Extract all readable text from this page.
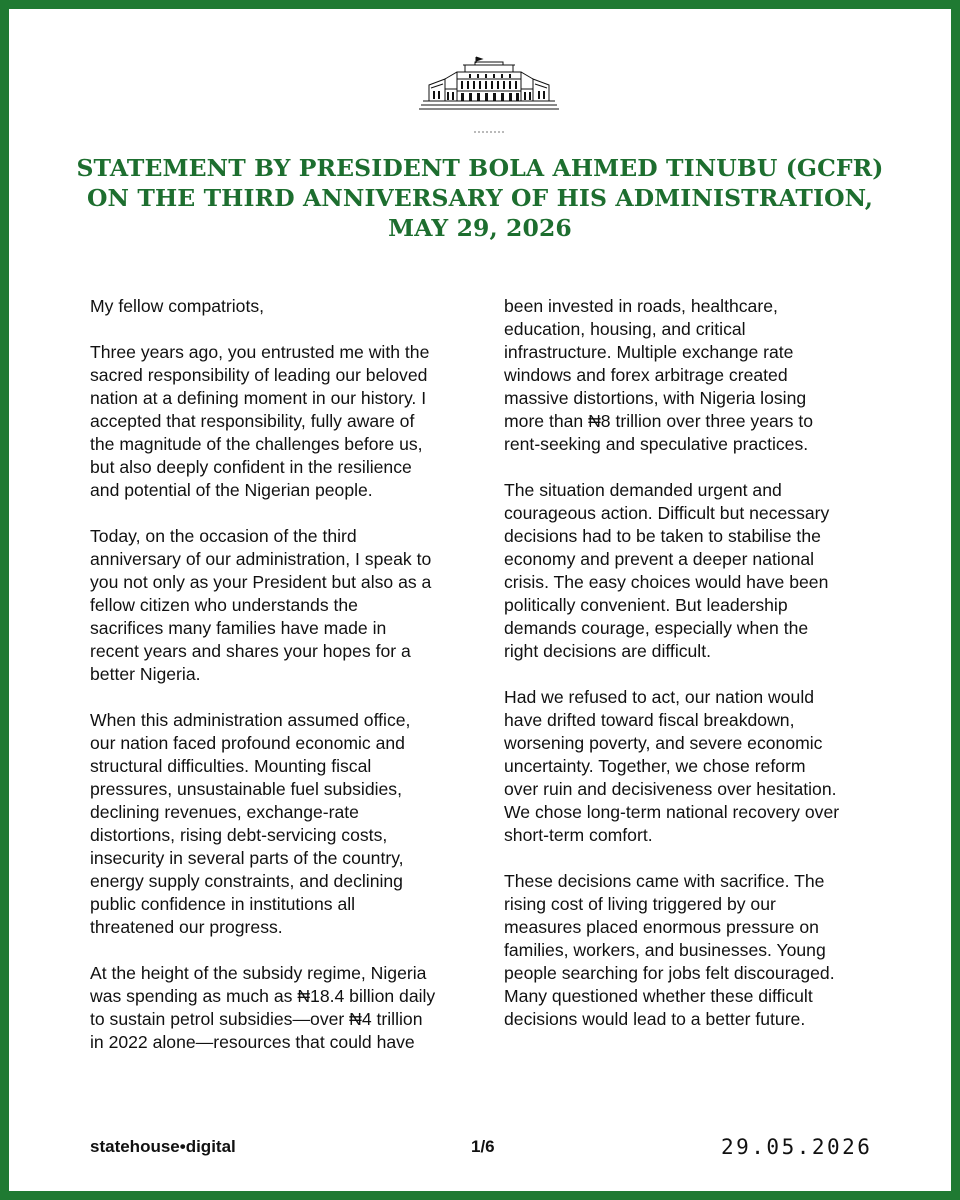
STATEMENT BY PRESIDENT BOLA AHMED TINUBU (GCFR)
ON THE THIRD ANNIVERSARY OF HIS ADMINISTRATION,
MAY 29, 2026

My fellow compatriots,

Three years ago, you entrusted me with the
sacred responsibility of leading our beloved
nation at a defining moment in our history. I
accepted that responsibility, fully aware of
the magnitude of the challenges before us,
but also deeply confident in the resilience
and potential of the Nigerian people.

Today, on the occasion of the third
anniversary of our administration, I speak to
you not only as your President but also as a
fellow citizen who understands the
sacrifices many families have made in
recent years and shares your hopes for a
better Nigeria.

When this administration assumed office,
our nation faced profound economic and
structural difficulties. Mounting fiscal
pressures, unsustainable fuel subsidies,
declining revenues, exchange-rate
distortions, rising debt-servicing costs,
insecurity in several parts of the country,
energy supply constraints, and declining
public confidence in institutions all
threatened our progress.

At the height of the subsidy regime, Nigeria
was spending as much as ₦18.4 billion daily
to sustain petrol subsidies—over ₦4 trillion
in 2022 alone—resources that could have

been invested in roads, healthcare,
education, housing, and critical
infrastructure. Multiple exchange rate
windows and forex arbitrage created
massive distortions, with Nigeria losing
more than ₦8 trillion over three years to
rent-seeking and speculative practices.

The situation demanded urgent and
courageous action. Difficult but necessary
decisions had to be taken to stabilise the
economy and prevent a deeper national
crisis. The easy choices would have been
politically convenient. But leadership
demands courage, especially when the
right decisions are difficult.

Had we refused to act, our nation would
have drifted toward fiscal breakdown,
worsening poverty, and severe economic
uncertainty. Together, we chose reform
over ruin and decisiveness over hesitation.
We chose long-term national recovery over
short-term comfort.

These decisions came with sacrifice. The
rising cost of living triggered by our
measures placed enormous pressure on
families, workers, and businesses. Young
people searching for jobs felt discouraged.
Many questioned whether these difficult
decisions would lead to a better future.

statehouse•digital	1/6	29.05.2026
